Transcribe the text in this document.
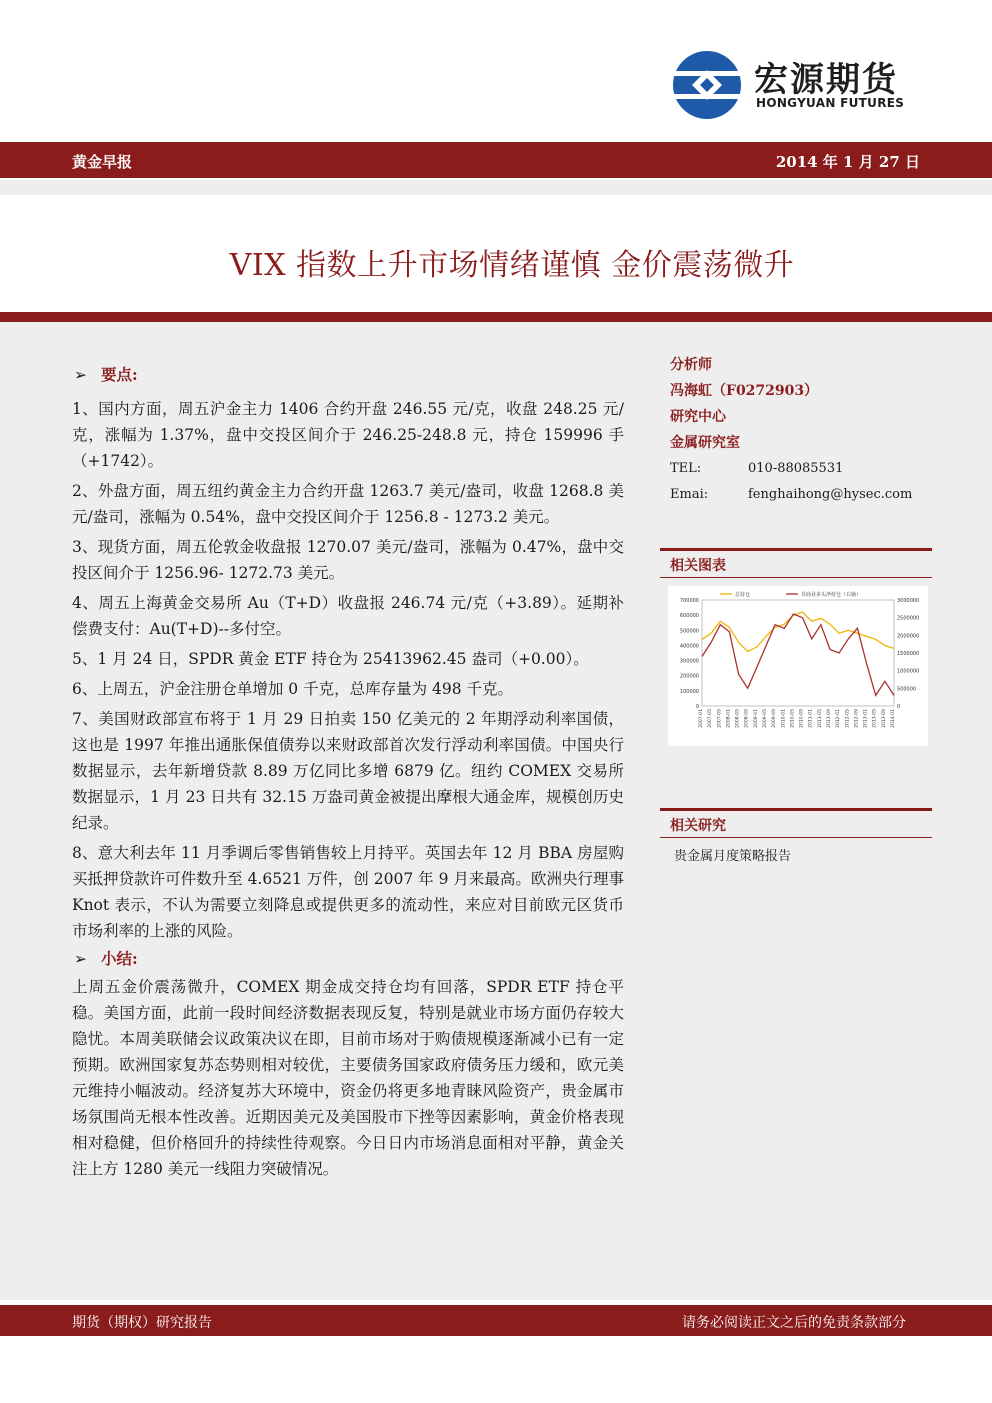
宏源期货
HONGYUAN FUTURES
黄金早报	2014 年 1 月 27 日
VIX 指数上升市场情绪谨慎 金价震荡微升
➢ 要点:

1、国内方面，周五沪金主力 1406 合约开盘 246.55 元/克，收盘 248.25 元/克，涨幅为 1.37%，盘中交投区间介于 246.25-248.8 元，持仓 159996 手（+1742）。

2、外盘方面，周五纽约黄金主力合约开盘 1263.7 美元/盎司，收盘 1268.8 美元/盎司，涨幅为 0.54%，盘中交投区间介于 1256.8 - 1273.2 美元。

3、现货方面，周五伦敦金收盘报 1270.07 美元/盎司，涨幅为 0.47%，盘中交投区间介于 1256.96- 1272.73 美元。

4、周五上海黄金交易所 Au（T+D）收盘报 246.74 元/克（+3.89）。延期补偿费支付：Au(T+D)--多付空。

5、1 月 24 日，SPDR 黄金 ETF 持仓为 25413962.45 盎司（+0.00）。

6、上周五，沪金注册仓单增加 0 千克，总库存量为 498 千克。

7、美国财政部宣布将于 1 月 29 日拍卖 150 亿美元的 2 年期浮动利率国债，这也是 1997 年推出通胀保值债券以来财政部首次发行浮动利率国债。中国央行数据显示，去年新增贷款 8.89 万亿同比多增 6879 亿。纽约 COMEX 交易所数据显示，1 月 23 日共有 32.15 万盎司黄金被提出摩根大通金库，规模创历史纪录。

8、意大利去年 11 月季调后零售销售较上月持平。英国去年 12 月 BBA 房屋购买抵押贷款许可件数升至 4.6521 万件，创 2007 年 9 月来最高。欧洲央行理事 Knot 表示，不认为需要立刻降息或提供更多的流动性，来应对目前欧元区货币市场利率的上涨的风险。

➢ 小结:

上周五金价震荡微升，COMEX 期金成交持仓均有回落，SPDR ETF 持仓平稳。美国方面，此前一段时间经济数据表现反复，特别是就业市场方面仍存较大隐忧。本周美联储会议政策决议在即，目前市场对于购债规模逐渐减小已有一定预期。欧洲国家复苏态势则相对较优，主要债务国家政府债务压力缓和，欧元美元维持小幅波动。经济复苏大环境中，资金仍将更多地青睐风险资产，贵金属市场氛围尚无根本性改善。近期因美元及美国股市下挫等因素影响，黄金价格表现相对稳健，但价格回升的持续性待观察。今日日内市场消息面相对平静，黄金关注上方 1280 美元一线阻力突破情况。

分析师
冯海虹（F0272903）
研究中心
金属研究室
TEL:	010-88085531
Emai:	fenghaihong@hysec.com
相关图表
700000
600000
500000
400000
300000
200000
100000
0
3000000
2500000
2000000
1500000
1000000
500000
0
2007-01 2007-05 2007-09 2008-01 2008-05 2008-09 2009-01 2009-05 2009-09 2010-01 2010-05 2010-09 2011-01 2011-05 2011-09 2012-01 2012-05 2012-09 2013-01 2013-05 2013-09 2014-01
总持仓	非商业多头净持仓（右轴）
相关研究
贵金属月度策略报告
期货（期权）研究报告	请务必阅读正文之后的免责条款部分
